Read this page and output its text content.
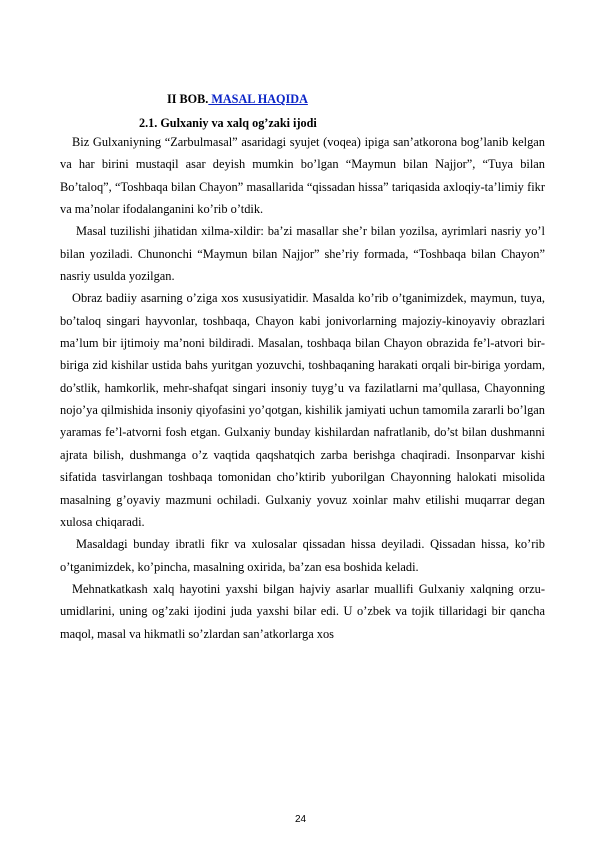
II BOB. MASAL HAQIDA
2.1. Gulxaniy va xalq og’zaki ijodi

Biz Gulxaniyning “Zarbulmasal” asaridagi syujet (voqea) ipiga san’atkorona bog’lanib kelgan va har birini mustaqil asar deyish mumkin bo’lgan “Maymun bilan Najjor”, “Tuya bilan Bo’taloq”, “Toshbaqa bilan Chayon” masallarida “qissadan hissa” tariqasida axloqiy-ta’limiy fikr va ma’nolar ifodalanganini ko’rib o’tdik.

Masal tuzilishi jihatidan xilma-xildir: ba’zi masallar she’r bilan yozilsa, ayrimlari nasriy yo’l bilan yoziladi. Chunonchi “Maymun bilan Najjor” she’riy formada, “Toshbaqa bilan Chayon” nasriy usulda yozilgan.

Obraz badiiy asarning o’ziga xos xususiyatidir. Masalda ko’rib o’tganimizdek, maymun, tuya, bo’taloq singari hayvonlar, toshbaqa, Chayon kabi jonivorlarning majoziy-kinoyaviy obrazlari ma’lum bir ijtimoiy ma’noni bildiradi. Masalan, toshbaqa bilan Chayon obrazida fe’l-atvori bir-biriga zid kishilar ustida bahs yuritgan yozuvchi, toshbaqaning harakati orqali bir-biriga yordam, do’stlik, hamkorlik, mehr-shafqat singari insoniy tuyg’u va fazilatlarni ma’qullasa, Chayonning nojo’ya qilmishida insoniy qiyofasini yo’qotgan, kishilik jamiyati uchun tamomila zararli bo’lgan yaramas fe’l-atvorni fosh etgan. Gulxaniy bunday kishilardan nafratlanib, do’st bilan dushmanni ajrata bilish, dushmanga o’z vaqtida qaqshatqich zarba berishga chaqiradi. Insonparvar kishi sifatida tasvirlangan toshbaqa tomonidan cho’ktirib yuborilgan Chayonning halokati misolida masalning g’oyaviy mazmuni ochiladi. Gulxaniy yovuz xoinlar mahv etilishi muqarrar degan xulosa chiqaradi.

Masaldagi bunday ibratli fikr va xulosalar qissadan hissa deyiladi. Qissadan hissa, ko’rib o’tganimizdek, ko’pincha, masalning oxirida, ba’zan esa boshida keladi.

Mehnatkatkash xalq hayotini yaxshi bilgan hajviy asarlar muallifi Gulxaniy xalqning orzu-umidlarini, uning og’zaki ijodini juda yaxshi bilar edi. U o’zbek va tojik tillaridagi bir qancha maqol, masal va hikmatli so’zlardan san’atkorlarga xos

24
